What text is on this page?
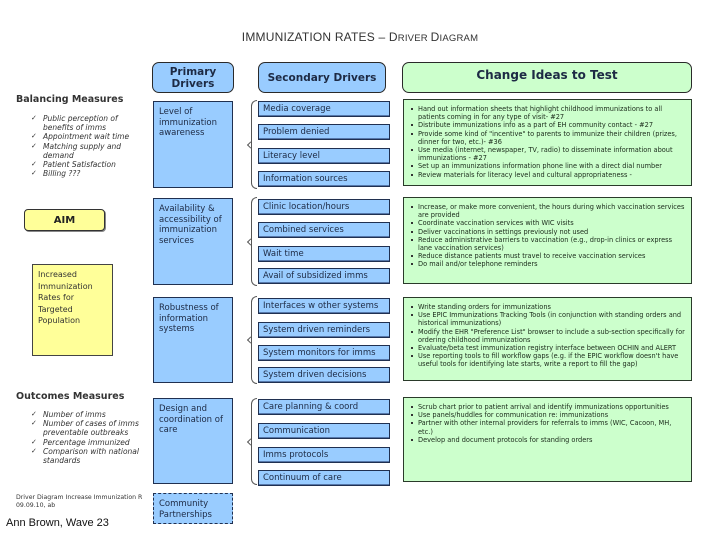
IMMUNIZATION RATES – DRIVER DIAGRAM
Primary Drivers	Secondary Drivers	Change Ideas to Test
Balancing Measures
✓ Public perception of benefits of imms
✓ Appointment wait time
✓ Matching supply and demand
✓ Patient Satisfaction
✓ Billing ???
AIM
Increased Immunization Rates for Targeted Population
Outcomes Measures
✓ Number of imms
✓ Number of cases of imms preventable outbreaks
✓ Percentage immunized
✓ Comparison with national standards
Level of immunization awareness
Media coverage
Problem denied
Literacy level
Information sources
Hand out information sheets that highlight childhood immunizations to all patients coming in for any type of visit- #27
Distribute immunizations info as a part of EH community contact - #27
Provide some kind of "incentive" to parents to immunize their children (prizes, dinner for two, etc.)- #36
Use media (internet, newspaper, TV, radio) to disseminate information about immunizations - #27
Set up an immunizations information phone line with a direct dial number
Review materials for literacy level and cultural appropriateness -
Availability & accessibility of immunization services
Clinic location/hours
Combined services
Wait time
Avail of subsidized imms
Increase, or make more convenient, the hours during which vaccination services are provided
Coordinate vaccination services with WIC visits
Deliver vaccinations in settings previously not used
Reduce administrative barriers to vaccination (e.g., drop-in clinics or express lane vaccination services)
Reduce distance patients must travel to receive vaccination services
Do mail and/or telephone reminders
Robustness of information systems
Interfaces w other systems
System driven reminders
System monitors for imms
System driven decisions
Write standing orders for immunizations
Use EPIC Immunizations Tracking Tools (in conjunction with standing orders and historical immunizations)
Modify the EHR "Preference List" browser to include a sub-section specifically for ordering childhood immunizations
Evaluate/beta test immunization registry interface between OCHIN and ALERT
Use reporting tools to fill workflow gaps (e.g. if the EPIC workflow doesn't have useful tools for identifying late starts, write a report to fill the gap)
Design and coordination of care
Care planning & coord
Communication
Imms protocols
Continuum of care
Scrub chart prior to patient arrival and identify immunizations opportunities
Use panels/huddles for communication re: immunizations
Partner with other internal providers for referrals to imms (WIC, Cacoon, MH, etc.)
Develop and document protocols for standing orders
Community Partnerships
Driver Diagram Increase Immunization R
09.09.10, ab
Ann Brown, Wave 23
